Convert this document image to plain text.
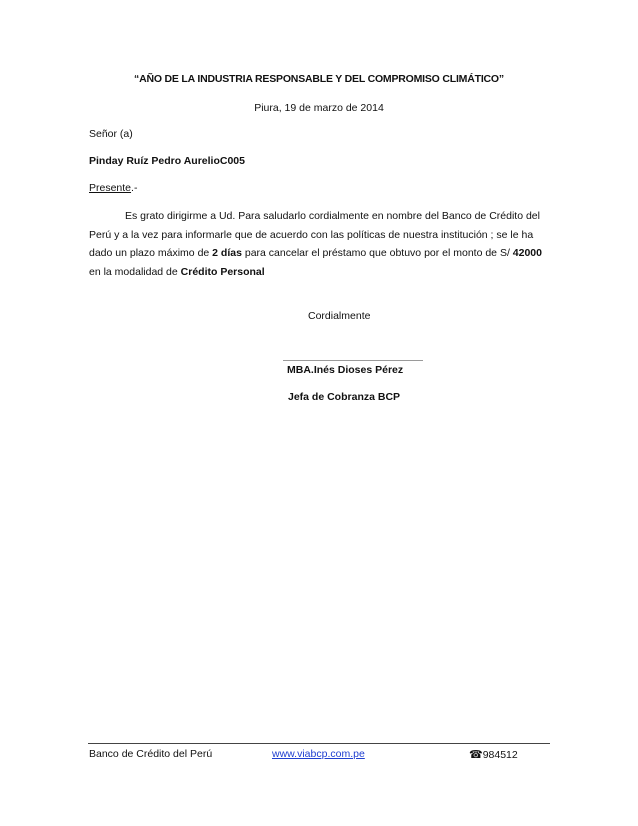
“AÑO DE LA INDUSTRIA RESPONSABLE Y DEL COMPROMISO CLIMÁTICO”
Piura, 19 de marzo de 2014
Señor (a)
Pinday Ruíz Pedro AurelioC005
Presente.-
Es grato dirigirme a Ud. Para saludarlo cordialmente en nombre del Banco de Crédito del
Perú y a la vez para informarle que de acuerdo con las políticas de nuestra institución ; se le ha
dado un plazo máximo de 2 días para cancelar el préstamo que obtuvo por el monto de S/ 42000
en la modalidad de Crédito Personal
Cordialmente
MBA.Inés Dioses Pérez
Jefa de Cobranza BCP
Banco de Crédito del Perú	www.viabcp.com.pe	☎984512
